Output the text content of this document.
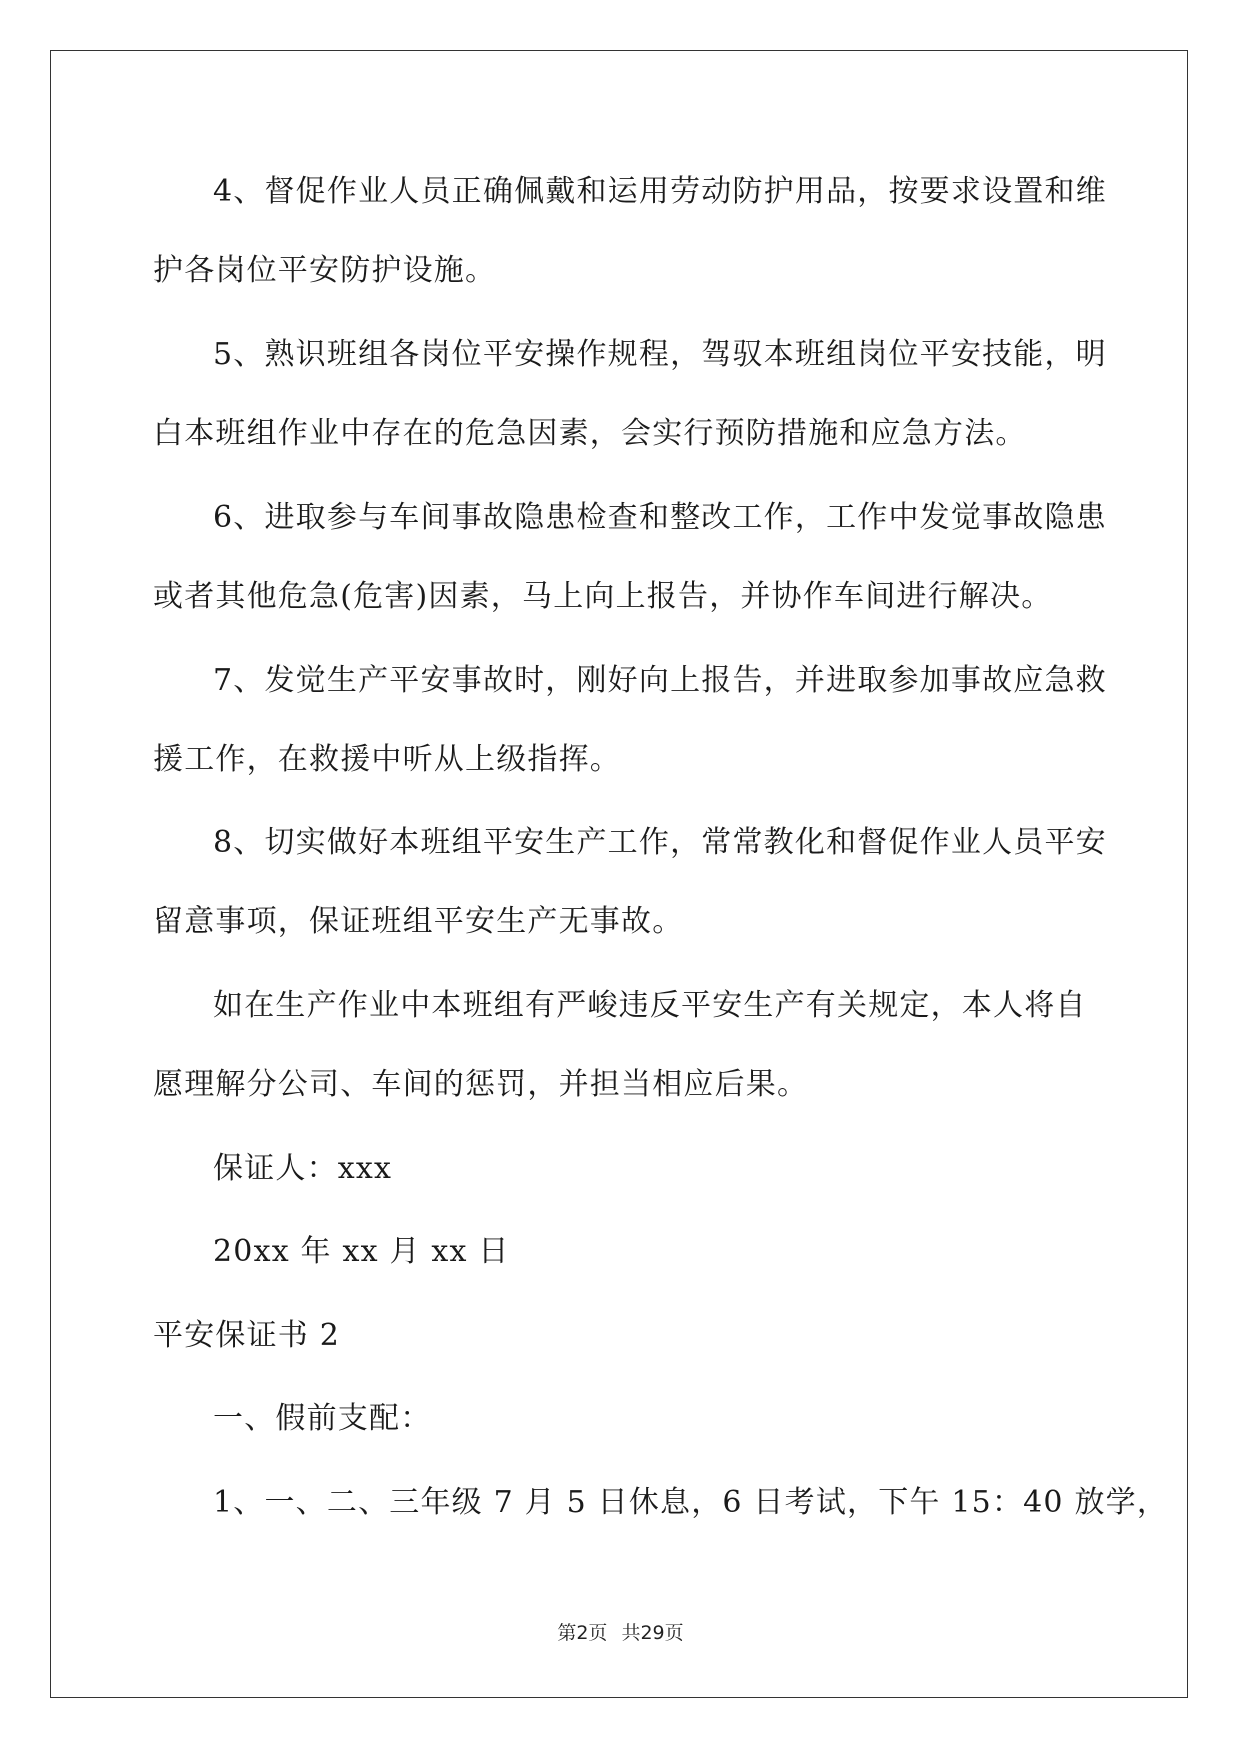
4、督促作业人员正确佩戴和运用劳动防护用品，按要求设置和维
护各岗位平安防护设施。
5、熟识班组各岗位平安操作规程，驾驭本班组岗位平安技能，明
白本班组作业中存在的危急因素，会实行预防措施和应急方法。
6、进取参与车间事故隐患检查和整改工作，工作中发觉事故隐患
或者其他危急(危害)因素，马上向上报告，并协作车间进行解决。
7、发觉生产平安事故时，刚好向上报告，并进取参加事故应急救
援工作，在救援中听从上级指挥。
8、切实做好本班组平安生产工作，常常教化和督促作业人员平安
留意事项，保证班组平安生产无事故。
如在生产作业中本班组有严峻违反平安生产有关规定，本人将自
愿理解分公司、车间的惩罚，并担当相应后果。
保证人：xxx
20xx 年 xx 月 xx 日
平安保证书 2
一、假前支配：
1、一、二、三年级 7 月 5 日休息，6 日考试，下午 15：40 放学，
第2页 共29页
